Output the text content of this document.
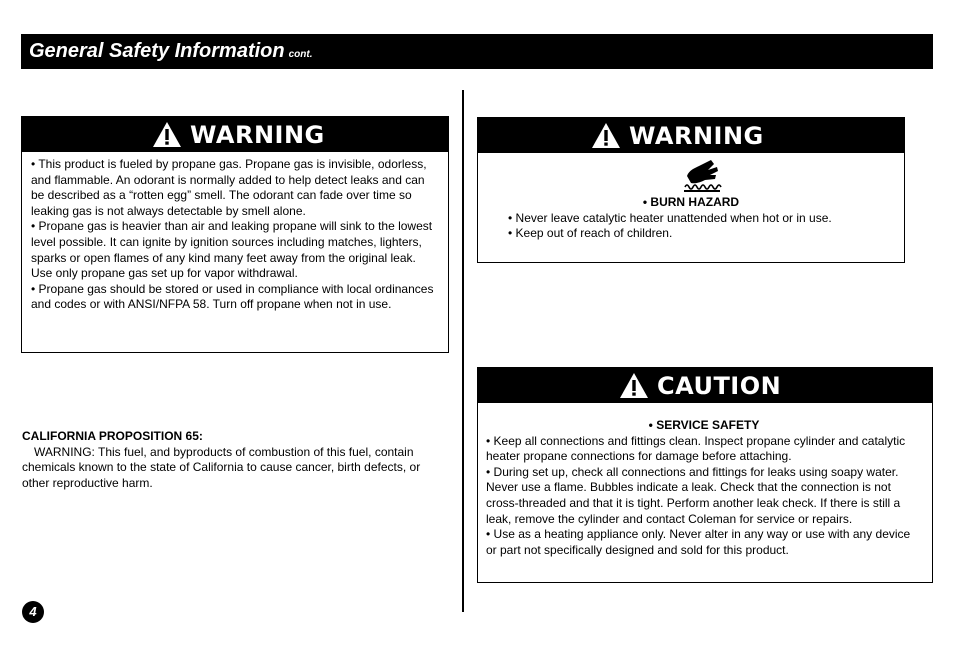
General Safety Information cont.
WARNING

• This product is fueled by propane gas. Propane gas is invisible, odorless, and flammable. An odorant is normally added to help detect leaks and can be described as a “rotten egg” smell. The odorant can fade over time so leaking gas is not always detectable by smell alone.

• Propane gas is heavier than air and leaking propane will sink to the lowest level possible. It can ignite by ignition sources including matches, lighters, sparks or open flames of any kind many feet away from the original leak. Use only propane gas set up for vapor withdrawal.

• Propane gas should be stored or used in compliance with local ordinances and codes or with ANSI/NFPA 58. Turn off propane when not in use.

CALIFORNIA PROPOSITION 65:
WARNING: This fuel, and byproducts of combustion of this fuel, contain chemicals known to the state of California to cause cancer, birth defects, or other reproductive harm.
WARNING
• BURN HAZARD

• Never leave catalytic heater unattended when hot or in use.

• Keep out of reach of children.

CAUTION
• SERVICE SAFETY

• Keep all connections and fittings clean. Inspect propane cylinder and catalytic heater propane connections for damage before attaching.

• During set up, check all connections and fittings for leaks using soapy water. Never use a flame. Bubbles indicate a leak. Check that the connection is not cross-threaded and that it is tight. Perform another leak check. If there is still a leak, remove the cylinder and contact Coleman for service or repairs.

• Use as a heating appliance only. Never alter in any way or use with any device or part not specifically designed and sold for this product.

4
